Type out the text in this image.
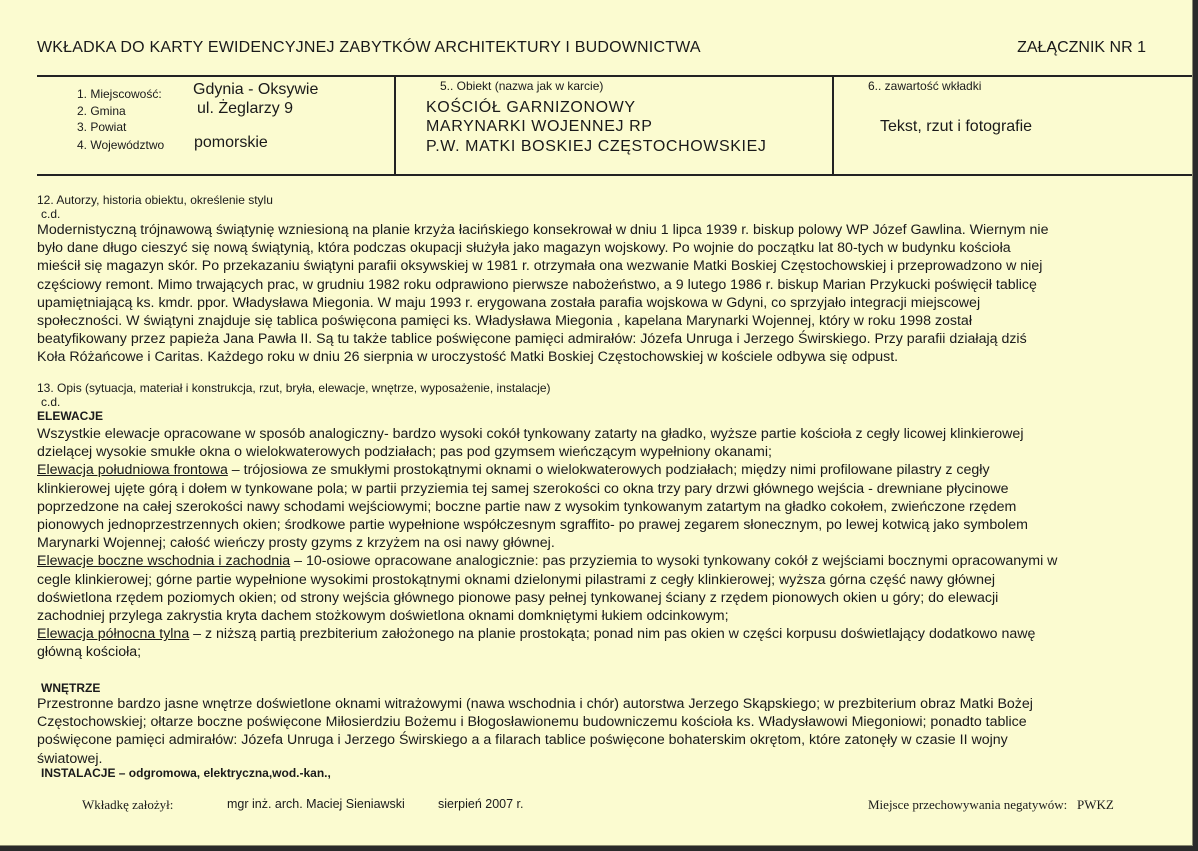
WKŁADKA DO KARTY EWIDENCYJNEJ ZABYTKÓW ARCHITEKTURY I BUDOWNICTWA	ZAŁĄCZNIK NR 1
1. Miejscowość: Gdynia - Oksywie
2. Gmina	ul. Żeglarzy 9
3. Powiat
4. Województwo pomorskie
5.. Obiekt (nazwa jak w karcie)
KOŚCIÓŁ GARNIZONOWY
MARYNARKI WOJENNEJ RP
P.W. MATKI BOSKIEJ CZĘSTOCHOWSKIEJ
6.. zawartość wkładki
Tekst, rzut i fotografie
12. Autorzy, historia obiektu, określenie stylu
c.d.
Modernistyczną trójnawową świątynię wzniesioną na planie krzyża łacińskiego konsekrował w dniu 1 lipca 1939 r. biskup polowy WP Józef Gawlina. Wiernym nie
było dane długo cieszyć się nową świątynią, która podczas okupacji służyła jako magazyn wojskowy. Po wojnie do początku lat 80-tych w budynku kościoła
mieścił się magazyn skór. Po przekazaniu świątyni parafii oksywskiej w 1981 r. otrzymała ona wezwanie Matki Boskiej Częstochowskiej i przeprowadzono w niej
częściowy remont. Mimo trwających prac, w grudniu 1982 roku odprawiono pierwsze nabożeństwo, a 9 lutego 1986 r. biskup Marian Przykucki poświęcił tablicę
upamiętniającą ks. kmdr. ppor. Władysława Miegonia. W maju 1993 r. erygowana została parafia wojskowa w Gdyni, co sprzyjało integracji miejscowej
społeczności. W świątyni znajduje się tablica poświęcona pamięci ks. Władysława Miegonia , kapelana Marynarki Wojennej, który w roku 1998 został
beatyfikowany przez papieża Jana Pawła II. Są tu także tablice poświęcone pamięci admirałów: Józefa Unruga i Jerzego Świrskiego. Przy parafii działają dziś
Koła Różańcowe i Caritas. Każdego roku w dniu 26 sierpnia w uroczystość Matki Boskiej Częstochowskiej w kościele odbywa się odpust.
13. Opis (sytuacja, materiał i konstrukcja, rzut, bryła, elewacje, wnętrze, wyposażenie, instalacje)
c.d.
ELEWACJE
Wszystkie elewacje opracowane w sposób analogiczny- bardzo wysoki cokół tynkowany zatarty na gładko, wyższe partie kościoła z cegły licowej klinkierowej
dzielącej wysokie smukłe okna o wielokwaterowych podziałach; pas pod gzymsem wieńczącym wypełniony okanami;
Elewacja południowa frontowa – trójosiowa ze smukłymi prostokątnymi oknami o wielokwaterowych podziałach; między nimi profilowane pilastry z cegły
klinkierowej ujęte górą i dołem w tynkowane pola; w partii przyziemia tej samej szerokości co okna trzy pary drzwi głównego wejścia - drewniane płycinowe
poprzedzone na całej szerokości nawy schodami wejściowymi; boczne partie naw z wysokim tynkowanym zatartym na gładko cokołem, zwieńczone rzędem
pionowych jednoprzestrzennych okien; środkowe partie wypełnione współczesnym sgraffito- po prawej zegarem słonecznym, po lewej kotwicą jako symbolem
Marynarki Wojennej; całość wieńczy prosty gzyms z krzyżem na osi nawy głównej.
Elewacje boczne wschodnia i zachodnia – 10-osiowe opracowane analogicznie: pas przyziemia to wysoki tynkowany cokół z wejściami bocznymi opracowanymi w
cegle klinkierowej; górne partie wypełnione wysokimi prostokątnymi oknami dzielonymi pilastrami z cegły klinkierowej; wyższa górna część nawy głównej
doświetlona rzędem poziomych okien; od strony wejścia głównego pionowe pasy pełnej tynkowanej ściany z rzędem pionowych okien u góry; do elewacji
zachodniej przylega zakrystia kryta dachem stożkowym doświetlona oknami domkniętymi łukiem odcinkowym;
Elewacja północna tylna – z niższą partią prezbiterium założonego na planie prostokąta; ponad nim pas okien w części korpusu doświetlający dodatkowo nawę
główną kościoła;
WNĘTRZE
Przestronne bardzo jasne wnętrze doświetlone oknami witrażowymi (nawa wschodnia i chór) autorstwa Jerzego Skąpskiego; w prezbiterium obraz Matki Bożej
Częstochowskiej; ołtarze boczne poświęcone Miłosierdziu Bożemu i Błogosławionemu budowniczemu kościoła ks. Władysławowi Miegoniowi; ponadto tablice
poświęcone pamięci admirałów: Józefa Unruga i Jerzego Świrskiego a a filarach tablice poświęcone bohaterskim okrętom, które zatonęły w czasie II wojny
światowej.
INSTALACJE – odgromowa, elektryczna,wod.-kan.,
Wkładkę założył:	mgr inż. arch. Maciej Sieniawski	sierpień 2007 r.	Miejsce przechowywania negatywów: PWKZ
